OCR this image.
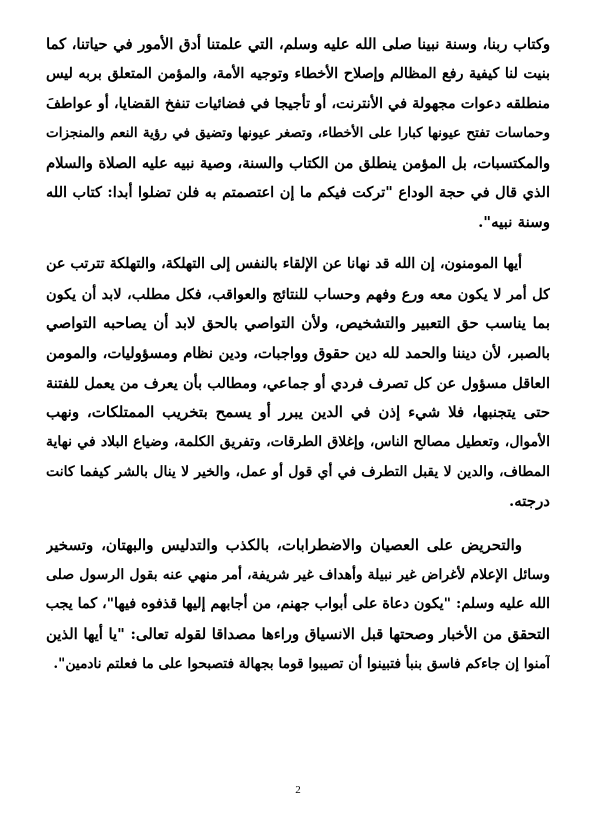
وكتاب ربنا، وسنة نبينا صلى الله عليه وسلم، التي علمتنا أدق الأمور في حياتنا، كما
بنيت لنا كيفية رفع المظالم وإصلاح الأخطاء وتوجيه الأمة، والمؤمن المتعلق بربه ليس
منطلقه دعوات مجهولة في الأنترنت، أو تأجيجا في فضائيات تنفخ القضايا، أو عواطفَ
وحماسات تفتح عيونها كبارا على الأخطاء، وتصغر عيونها وتضيق في رؤية النعم والمنجزات
والمكتسبات، بل المؤمن ينطلق من الكتاب والسنة، وصية نبيه عليه الصلاة والسلام
الذي قال في حجة الوداع "تركت فيكم ما إن اعتصمتم به فلن تضلوا أبدا: كتاب الله
وسنة نبيه".
أيها المومنون، إن الله قد نهانا عن الإلقاء بالنفس إلى التهلكة، والتهلكة تترتب عن
كل أمر لا يكون معه ورع وفهم وحساب للنتائج والعواقب، فكل مطلب، لابد أن يكون
بما يناسب حق التعبير والتشخيص، ولأن التواصي بالحق لابد أن يصاحبه التواصي
بالصبر، لأن ديننا والحمد لله دين حقوق وواجبات، ودين نظام ومسؤوليات، والمومن
العاقل مسؤول عن كل تصرف فردي أو جماعي، ومطالب بأن يعرف من يعمل للفتنة
حتى يتجنبها، فلا شيء إذن في الدين يبرر أو يسمح بتخريب الممتلكات، ونهب
الأموال، وتعطيل مصالح الناس، وإغلاق الطرقات، وتفريق الكلمة، وضياع البلاد في نهاية
المطاف، والدين لا يقبل التطرف في أي قول أو عمل، والخير لا ينال بالشر كيفما كانت
درجته.
والتحريض على العصيان والاضطرابات، بالكذب والتدليس والبهتان، وتسخير
وسائل الإعلام لأغراض غير نبيلة وأهداف غير شريفة، أمر منهي عنه بقول الرسول صلى
الله عليه وسلم: "يكون دعاة على أبواب جهنم، من أجابهم إليها قذفوه فيها"، كما يجب
التحقق من الأخبار وصحتها قبل الانسياق وراءها مصداقا لقوله تعالى: "يا أيها الذين
آمنوا إن جاءكم فاسق بنبأ فتبينوا أن تصيبوا قوما بجهالة فتصبحوا على ما فعلتم نادمين".
2
